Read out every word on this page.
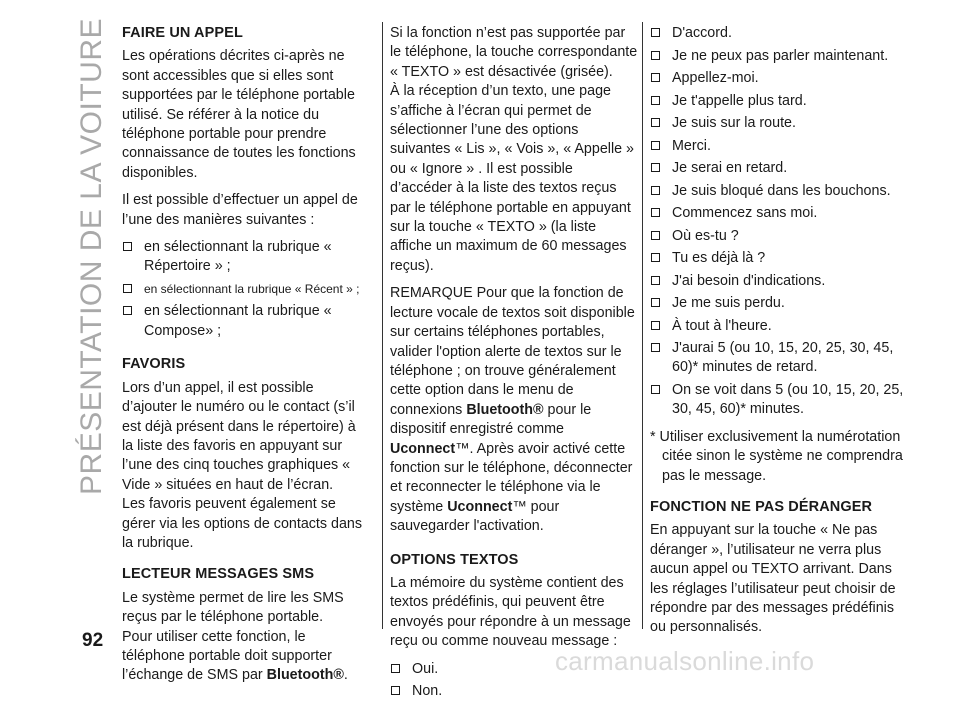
PRÉSENTATION DE LA VOITURE
92
FAIRE UN APPEL

Les opérations décrites ci-après ne sont accessibles que si elles sont supportées par le téléphone portable utilisé. Se référer à la notice du téléphone portable pour prendre connaissance de toutes les fonctions disponibles.

Il est possible d’effectuer un appel de l’une des manières suivantes :

en sélectionnant la rubrique « Répertoire » ;
en sélectionnant la rubrique « Récent » ;
en sélectionnant la rubrique « Compose» ;
FAVORIS

Lors d’un appel, il est possible d’ajouter le numéro ou le contact (s’il est déjà présent dans le répertoire) à la liste des favoris en appuyant sur l’une des cinq touches graphiques « Vide » situées en haut de l’écran.

Les favoris peuvent également se gérer via les options de contacts dans la rubrique.

LECTEUR MESSAGES SMS

Le système permet de lire les SMS reçus par le téléphone portable.

Pour utiliser cette fonction, le téléphone portable doit supporter l’échange de SMS par Bluetooth®.

Si la fonction n’est pas supportée par le téléphone, la touche correspondante « TEXTO » est désactivée (grisée).

À la réception d’un texto, une page s’affiche à l’écran qui permet de sélectionner l’une des options suivantes « Lis », « Vois », « Appelle » ou « Ignore » . Il est possible d’accéder à la liste des textos reçus par le téléphone portable en appuyant sur la touche « TEXTO » (la liste affiche un maximum de 60 messages reçus).

REMARQUE Pour que la fonction de lecture vocale de textos soit disponible sur certains téléphones portables, valider l'option alerte de textos sur le téléphone ; on trouve généralement cette option dans le menu de connexions Bluetooth® pour le dispositif enregistré comme Uconnect™. Après avoir activé cette fonction sur le téléphone, déconnecter et reconnecter le téléphone via le système Uconnect™ pour sauvegarder l'activation.

OPTIONS TEXTOS

La mémoire du système contient des textos prédéfinis, qui peuvent être envoyés pour répondre à un message reçu ou comme nouveau message :

Oui.
Non.
D'accord.
Je ne peux pas parler maintenant.
Appellez-moi.
Je t'appelle plus tard.
Je suis sur la route.
Merci.
Je serai en retard.
Je suis bloqué dans les bouchons.
Commencez sans moi.
Où es-tu ?
Tu es déjà là ?
J'ai besoin d'indications.
Je me suis perdu.
À tout à l'heure.
J'aurai 5 (ou 10, 15, 20, 25, 30, 45, 60)* minutes de retard.
On se voit dans 5 (ou 10, 15, 20, 25, 30, 45, 60)* minutes.

* Utiliser exclusivement la numérotation citée sinon le système ne comprendra pas le message.

FONCTION NE PAS DÉRANGER

En appuyant sur la touche « Ne pas déranger », l’utilisateur ne verra plus aucun appel ou TEXTO arrivant. Dans les réglages l’utilisateur peut choisir de répondre par des messages prédéfinis ou personnalisés.

carmanualsonline.info
